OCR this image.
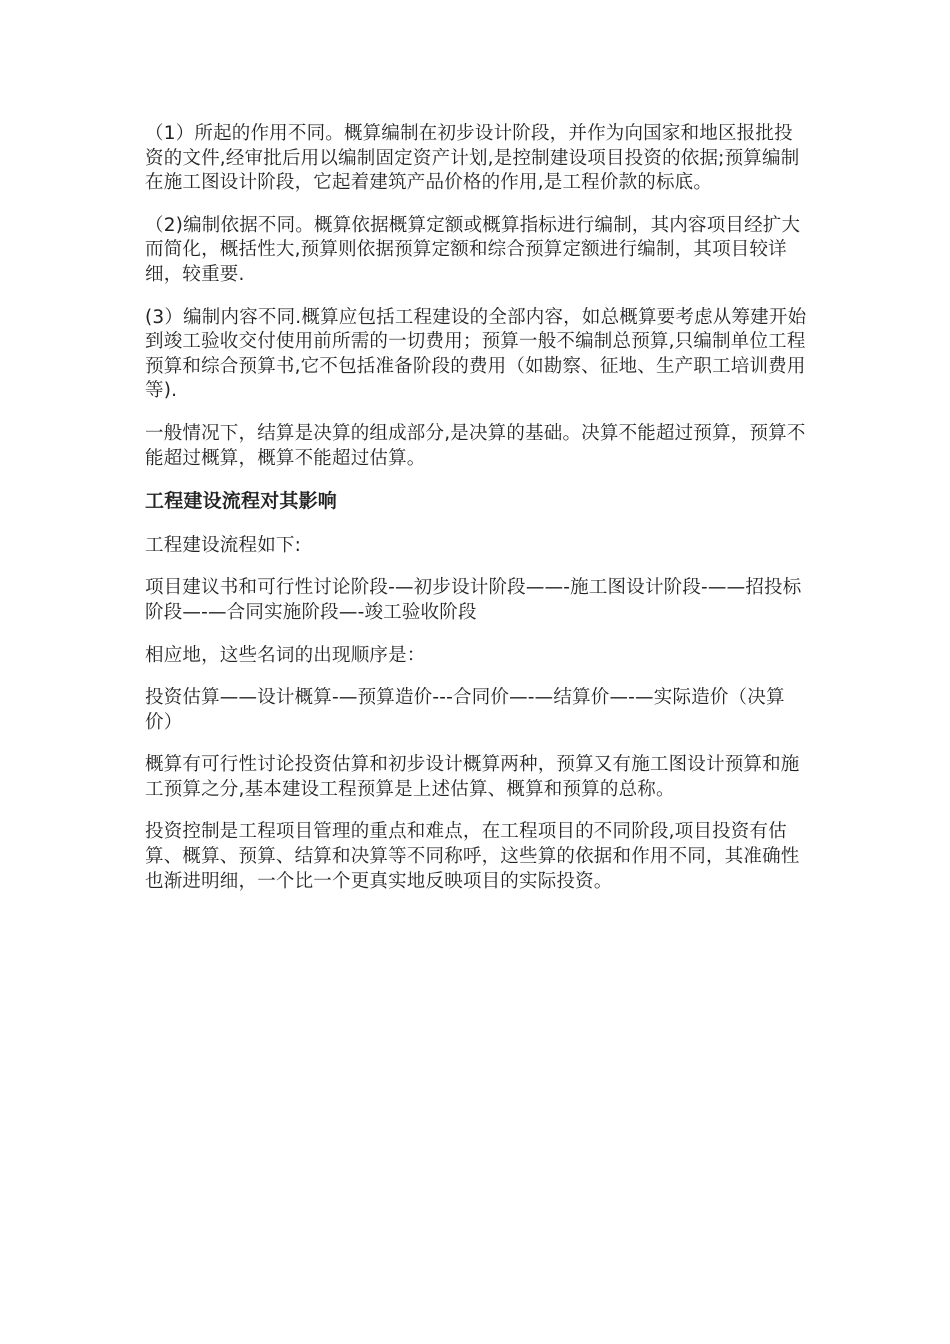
（1）所起的作用不同。概算编制在初步设计阶段，并作为向国家和地区报批投资的文件,经审批后用以编制固定资产计划,是控制建设项目投资的依据;预算编制在施工图设计阶段，它起着建筑产品价格的作用,是工程价款的标底。

（2)编制依据不同。概算依据概算定额或概算指标进行编制，其内容项目经扩大而简化，概括性大,预算则依据预算定额和综合预算定额进行编制，其项目较详细，较重要.

(3）编制内容不同.概算应包括工程建设的全部内容，如总概算要考虑从筹建开始到竣工验收交付使用前所需的一切费用；预算一般不编制总预算,只编制单位工程预算和综合预算书,它不包括准备阶段的费用（如勘察、征地、生产职工培训费用等).

一般情况下，结算是决算的组成部分,是决算的基础。决算不能超过预算，预算不能超过概算，概算不能超过估算。

工程建设流程对其影响

工程建设流程如下:

项目建议书和可行性讨论阶段-—初步设计阶段——-施工图设计阶段-——招投标阶段—-—合同实施阶段—-竣工验收阶段

相应地，这些名词的出现顺序是：

投资估算——设计概算-—预算造价---合同价—-—结算价—-—实际造价（决算价）

概算有可行性讨论投资估算和初步设计概算两种，预算又有施工图设计预算和施工预算之分,基本建设工程预算是上述估算、概算和预算的总称。

投资控制是工程项目管理的重点和难点，在工程项目的不同阶段,项目投资有估算、概算、预算、结算和决算等不同称呼，这些算的依据和作用不同，其准确性也渐进明细，一个比一个更真实地反映项目的实际投资。
